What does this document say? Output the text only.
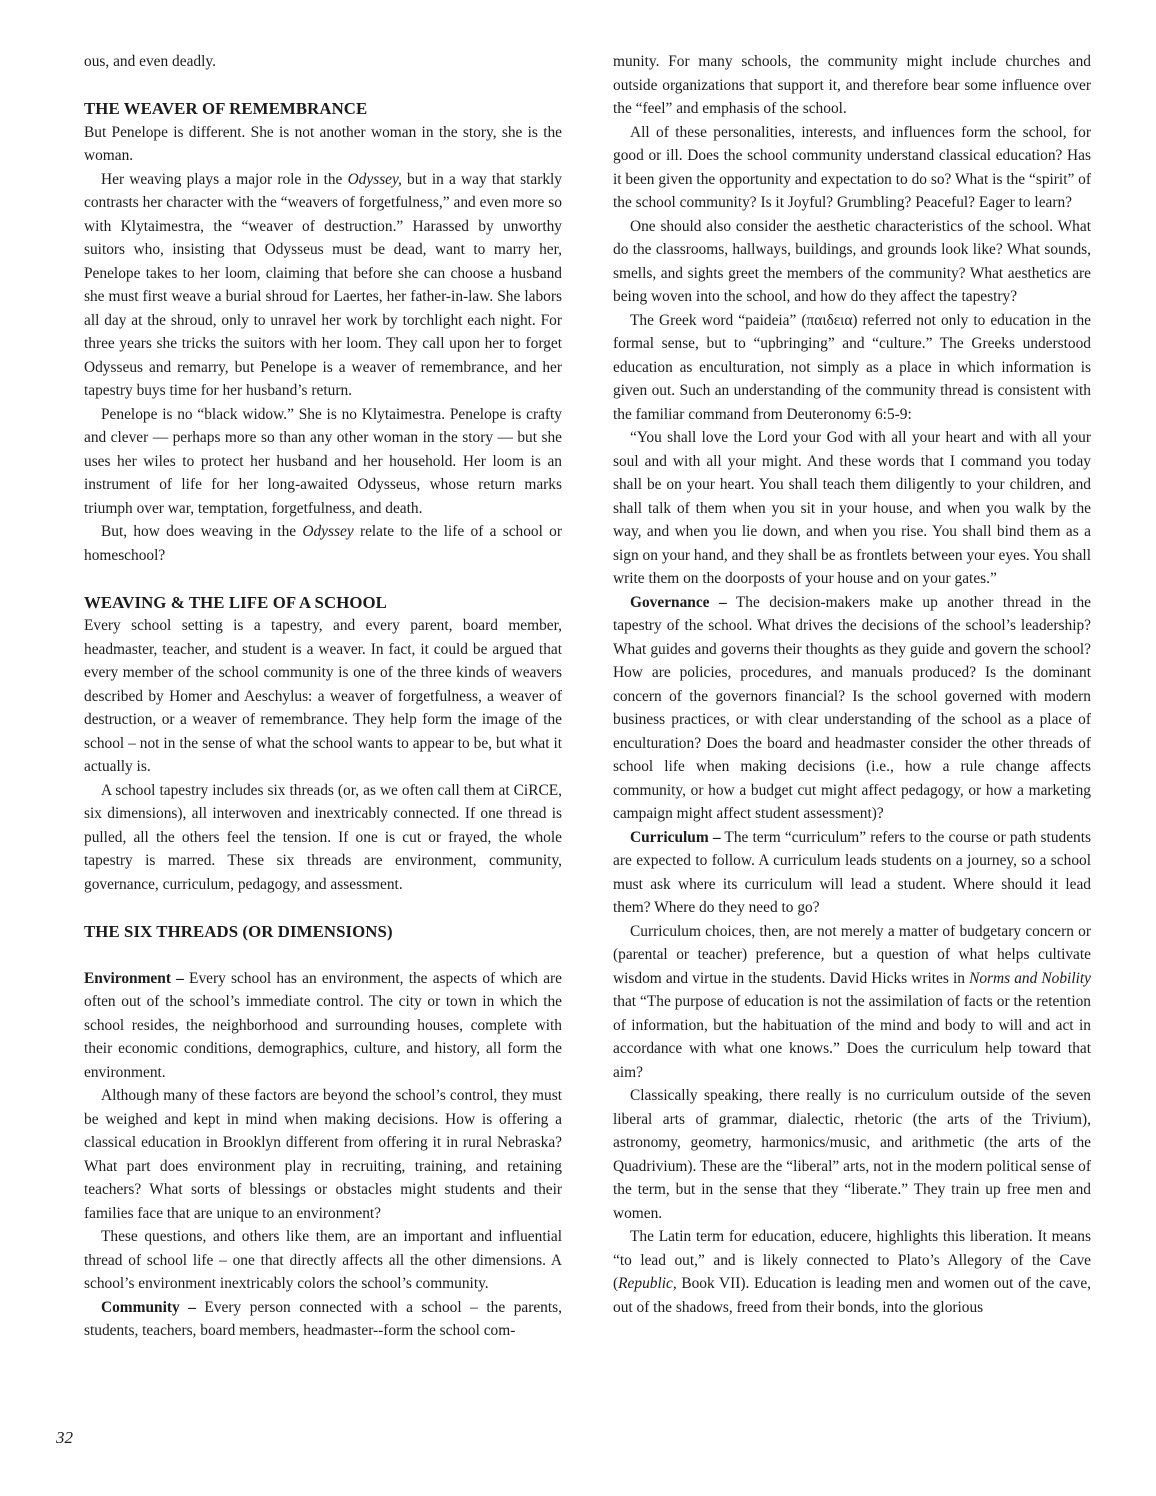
ous, and even deadly.

THE WEAVER OF REMEMBRANCE

But Penelope is different. She is not another woman in the story, she is the woman.

Her weaving plays a major role in the Odyssey, but in a way that starkly contrasts her character with the “weavers of forgetfulness,” and even more so with Klytaimestra, the “weaver of destruction.” Harassed by unworthy suitors who, insisting that Odysseus must be dead, want to marry her, Penelope takes to her loom, claiming that before she can choose a husband she must first weave a burial shroud for Laertes, her father-in-law. She labors all day at the shroud, only to unravel her work by torchlight each night. For three years she tricks the suitors with her loom. They call upon her to forget Odysseus and remarry, but Penelope is a weaver of remembrance, and her tapestry buys time for her husband’s return.

Penelope is no “black widow.” She is no Klytaimestra. Penelope is crafty and clever — perhaps more so than any other woman in the story — but she uses her wiles to protect her husband and her household. Her loom is an instrument of life for her long-awaited Odysseus, whose return marks triumph over war, temptation, forgetfulness, and death.

But, how does weaving in the Odyssey relate to the life of a school or homeschool?

WEAVING & THE LIFE OF A SCHOOL

Every school setting is a tapestry, and every parent, board member, headmaster, teacher, and student is a weaver. In fact, it could be argued that every member of the school community is one of the three kinds of weavers described by Homer and Aeschylus: a weaver of forgetfulness, a weaver of destruction, or a weaver of remembrance. They help form the image of the school – not in the sense of what the school wants to appear to be, but what it actually is.

A school tapestry includes six threads (or, as we often call them at CiRCE, six dimensions), all interwoven and inextricably connected. If one thread is pulled, all the others feel the tension. If one is cut or frayed, the whole tapestry is marred. These six threads are environment, community, governance, curriculum, pedagogy, and assessment.

THE SIX THREADS (OR DIMENSIONS)

Environment – Every school has an environment, the aspects of which are often out of the school’s immediate control. The city or town in which the school resides, the neighborhood and surrounding houses, complete with their economic conditions, demographics, culture, and history, all form the environment.

Although many of these factors are beyond the school’s control, they must be weighed and kept in mind when making decisions. How is offering a classical education in Brooklyn different from offering it in rural Nebraska? What part does environment play in recruiting, training, and retaining teachers? What sorts of blessings or obstacles might students and their families face that are unique to an environment?

These questions, and others like them, are an important and influential thread of school life – one that directly affects all the other dimensions. A school’s environment inextricably colors the school’s community.

Community – Every person connected with a school – the parents, students, teachers, board members, headmaster--form the school com-

munity. For many schools, the community might include churches and outside organizations that support it, and therefore bear some influence over the “feel” and emphasis of the school.

All of these personalities, interests, and influences form the school, for good or ill. Does the school community understand classical education? Has it been given the opportunity and expectation to do so? What is the “spirit” of the school community? Is it Joyful? Grumbling? Peaceful? Eager to learn?

One should also consider the aesthetic characteristics of the school. What do the classrooms, hallways, buildings, and grounds look like? What sounds, smells, and sights greet the members of the community? What aesthetics are being woven into the school, and how do they affect the tapestry?

The Greek word “paideia” (παιδεια) referred not only to education in the formal sense, but to “upbringing” and “culture.” The Greeks understood education as enculturation, not simply as a place in which information is given out. Such an understanding of the community thread is consistent with the familiar command from Deuteronomy 6:5-9:

“You shall love the Lord your God with all your heart and with all your soul and with all your might. And these words that I command you today shall be on your heart. You shall teach them diligently to your children, and shall talk of them when you sit in your house, and when you walk by the way, and when you lie down, and when you rise. You shall bind them as a sign on your hand, and they shall be as frontlets between your eyes. You shall write them on the doorposts of your house and on your gates.”

Governance – The decision-makers make up another thread in the tapestry of the school. What drives the decisions of the school’s leadership? What guides and governs their thoughts as they guide and govern the school? How are policies, procedures, and manuals produced? Is the dominant concern of the governors financial? Is the school governed with modern business practices, or with clear understanding of the school as a place of enculturation? Does the board and headmaster consider the other threads of school life when making decisions (i.e., how a rule change affects community, or how a budget cut might affect pedagogy, or how a marketing campaign might affect student assessment)?

Curriculum – The term “curriculum” refers to the course or path students are expected to follow. A curriculum leads students on a journey, so a school must ask where its curriculum will lead a student. Where should it lead them? Where do they need to go?

Curriculum choices, then, are not merely a matter of budgetary concern or (parental or teacher) preference, but a question of what helps cultivate wisdom and virtue in the students. David Hicks writes in Norms and Nobility that “The purpose of education is not the assimilation of facts or the retention of information, but the habituation of the mind and body to will and act in accordance with what one knows.” Does the curriculum help toward that aim?

Classically speaking, there really is no curriculum outside of the seven liberal arts of grammar, dialectic, rhetoric (the arts of the Trivium), astronomy, geometry, harmonics/music, and arithmetic (the arts of the Quadrivium). These are the “liberal” arts, not in the modern political sense of the term, but in the sense that they “liberate.” They train up free men and women.

The Latin term for education, educere, highlights this liberation. It means “to lead out,” and is likely connected to Plato’s Allegory of the Cave (Republic, Book VII). Education is leading men and women out of the cave, out of the shadows, freed from their bonds, into the glorious

32
